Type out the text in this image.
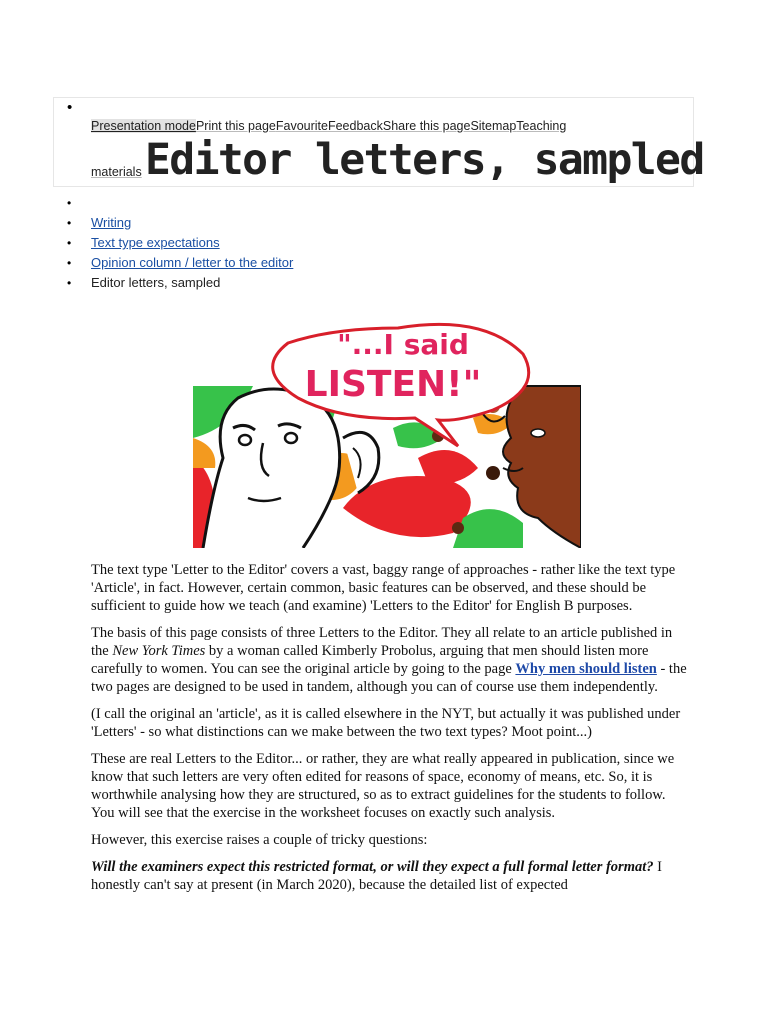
•
Presentation modePrint this pageFavouriteFeedbackShare this pageSitemapTeaching
materials Editor letters, sampled
•
• Writing
• Text type expectations
• Opinion column / letter to the editor
• Editor letters, sampled
"...I said
LISTEN!"

The text type 'Letter to the Editor' covers a vast, baggy range of approaches - rather like the text type 'Article', in fact. However, certain common, basic features can be observed, and these should be sufficient to guide how we teach (and examine) 'Letters to the Editor' for English B purposes.

The basis of this page consists of three Letters to the Editor. They all relate to an article published in the New York Times by a woman called Kimberly Probolus, arguing that men should listen more carefully to women. You can see the original article by going to the page Why men should listen - the two pages are designed to be used in tandem, although you can of course use them independently.

(I call the original an 'article', as it is called elsewhere in the NYT, but actually it was published under 'Letters' - so what distinctions can we make between the two text types? Moot point...)

These are real Letters to the Editor... or rather, they are what really appeared in publication, since we know that such letters are very often edited for reasons of space, economy of means, etc. So, it is worthwhile analysing how they are structured, so as to extract guidelines for the students to follow. You will see that the exercise in the worksheet focuses on exactly such analysis.

However, this exercise raises a couple of tricky questions:

Will the examiners expect this restricted format, or will they expect a full formal letter format? I honestly can't say at present (in March 2020), because the detailed list of expected
